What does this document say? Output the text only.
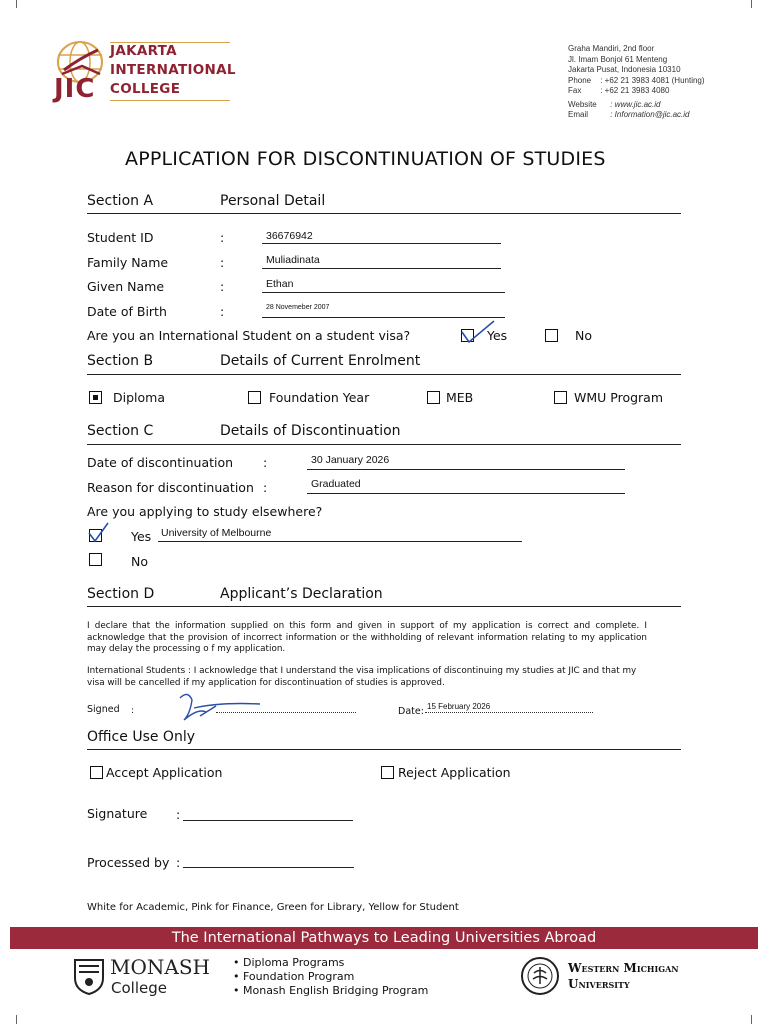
JIC
JAKARTA
INTERNATIONAL
COLLEGE
Graha Mandiri, 2nd floor
Jl. Imam Bonjol 61 Menteng
Jakarta Pusat, Indonesia 10310
Phone : +62 21 3983 4081 (Hunting)
Fax : +62 21 3983 4080
Website : www.jic.ac.id
Email	: Information@jic.ac.id
APPLICATION FOR DISCONTINUATION OF STUDIES
Section A	Personal Detail
Student ID	:	36676942
Family Name	:	Muliadinata
Given Name	:	Ethan
Date of Birth	:	28 Novemeber 2007
Are you an International Student on a student visa?	Yes	No
Section B	Details of Current Enrolment
Diploma	Foundation Year	MEB	WMU Program
Section C	Details of Discontinuation
Date of discontinuation :	30 January 2026
Reason for discontinuation :	Graduated
Are you applying to study elsewhere?
Yes University of Melbourne
No
Section D	Applicant’s Declaration
I declare that the information supplied on this form and given in support of my application is correct and complete. I acknowledge that the provision of incorrect information or the withholding of relevant information relating to my application may delay the processing o f my application.
International Students : I acknowledge that I understand the visa implications of discontinuing my studies at JIC and that my visa will be cancelled if my application for discontinuation of studies is approved.
Signed :	Date: 15 February 2026
Office Use Only
Accept Application	Reject Application
Signature :
Processed by :
White for Academic, Pink for Finance, Green for Library, Yellow for Student
The International Pathways to Leading Universities Abroad
MONASH
College
• Diploma Programs
• Foundation Program
• Monash English Bridging Program
Western Michigan
University
